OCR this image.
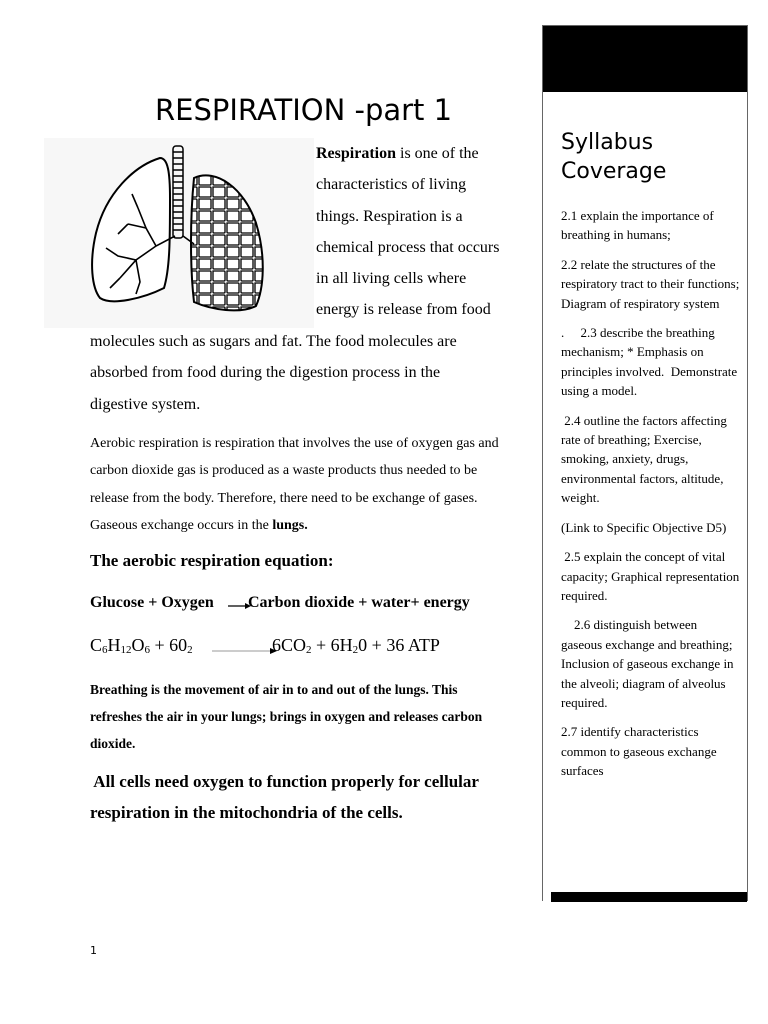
RESPIRATION -part 1
Respiration is one of the
characteristics of living
things. Respiration is a
chemical process that occurs
in all living cells where
energy is release from food
molecules such as sugars and fat. The food molecules are
absorbed from food during the digestion process in the
digestive system.
Aerobic respiration is respiration that involves the use of oxygen gas and
carbon dioxide gas is produced as a waste products thus needed to be
release from the body. Therefore, there need to be exchange of gases.
Gaseous exchange occurs in the lungs.
The aerobic respiration equation:
Glucose + Oxygen →
Carbon dioxide + water+ energy
$C_6H_{12}O_6 + 60_2$ →
$6CO_2 + 6H_20 + 36$ ATP
Breathing is the movement of air in to and out of the lungs. This
refreshes the air in your lungs; brings in oxygen and releases carbon
dioxide.
All cells need oxygen to function properly for cellular
respiration in the mitochondria of the cells.
1
Syllabus Coverage

2.1 explain the importance of breathing in humans;

2.2 relate the structures of the respiratory tract to their functions; Diagram of respiratory system

.     2.3 describe the breathing mechanism; * Emphasis on principles involved.  Demonstrate using a model.

2.4 outline the factors affecting rate of breathing; Exercise, smoking, anxiety, drugs, environmental factors, altitude, weight.

(Link to Specific Objective D5)

2.5 explain the concept of vital capacity; Graphical representation required.

2.6 distinguish between gaseous exchange and breathing; Inclusion of gaseous exchange in the alveoli; diagram of alveolus required.

2.7 identify characteristics common to gaseous exchange surfaces
